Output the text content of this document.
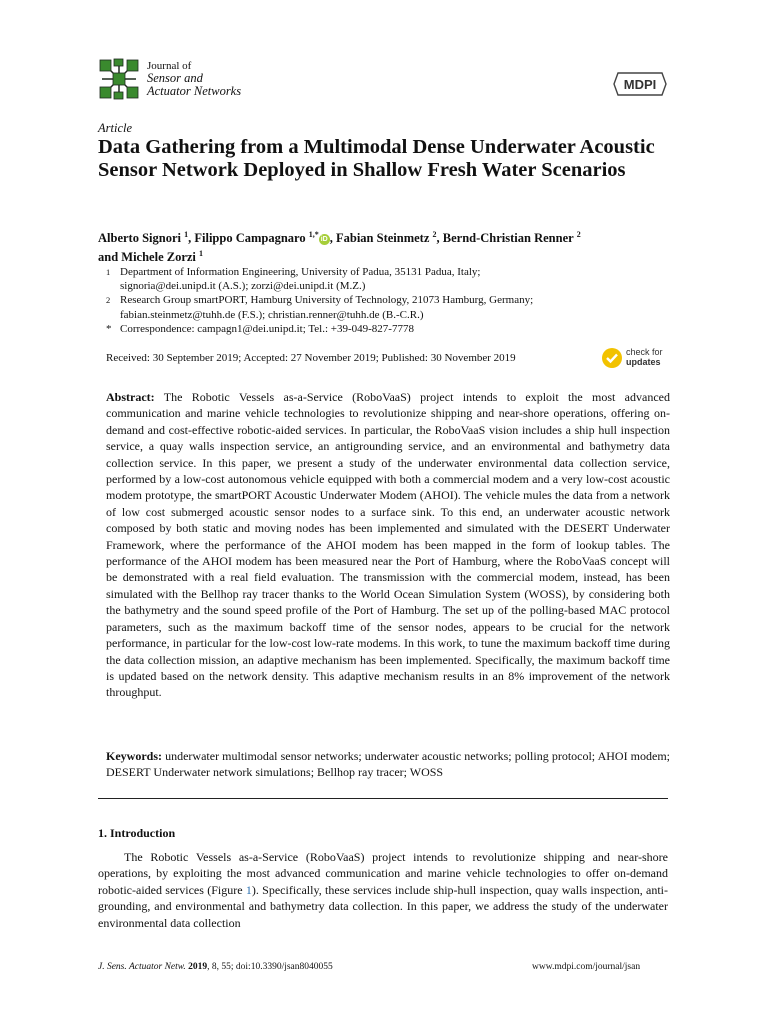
Journal of
Sensor and
Actuator Networks	MDPI
Article
Data Gathering from a Multimodal Dense Underwater Acoustic Sensor Network Deployed in Shallow Fresh Water Scenarios
Alberto Signori $^1$, Filippo Campagnaro $^{1,*}$iD , Fabian Steinmetz $^2$, Bernd-Christian Renner $^2$
and Michele Zorzi $^1$
1 Department of Information Engineering, University of Padua, 35131 Padua, Italy;
signoria@dei.unipd.it (A.S.); zorzi@dei.unipd.it (M.Z.)
2 Research Group smartPORT, Hamburg University of Technology, 21073 Hamburg, Germany;
fabian.steinmetz@tuhh.de (F.S.); christian.renner@tuhh.de (B.-C.R.)
* Correspondence: campagn1@dei.unipd.it; Tel.: +39-049-827-7778
Received: 30 September 2019; Accepted: 27 November 2019; Published: 30 November 2019	check for
updates
Abstract: The Robotic Vessels as-a-Service (RoboVaaS) project intends to exploit the most advanced communication and marine vehicle technologies to revolutionize shipping and near-shore operations, offering on-demand and cost-effective robotic-aided services. In particular, the RoboVaaS vision includes a ship hull inspection service, a quay walls inspection service, an antigrounding service, and an environmental and bathymetry data collection service. In this paper, we present a study of the underwater environmental data collection service, performed by a low-cost autonomous vehicle equipped with both a commercial modem and a very low-cost acoustic modem prototype, the smartPORT Acoustic Underwater Modem (AHOI). The vehicle mules the data from a network of low cost submerged acoustic sensor nodes to a surface sink. To this end, an underwater acoustic network composed by both static and moving nodes has been implemented and simulated with the DESERT Underwater Framework, where the performance of the AHOI modem has been mapped in the form of lookup tables. The performance of the AHOI modem has been measured near the Port of Hamburg, where the RoboVaaS concept will be demonstrated with a real field evaluation. The transmission with the commercial modem, instead, has been simulated with the Bellhop ray tracer thanks to the World Ocean Simulation System (WOSS), by considering both the bathymetry and the sound speed profile of the Port of Hamburg. The set up of the polling-based MAC protocol parameters, such as the maximum backoff time of the sensor nodes, appears to be crucial for the network performance, in particular for the low-cost low-rate modems. In this work, to tune the maximum backoff time during the data collection mission, an adaptive mechanism has been implemented. Specifically, the maximum backoff time is updated based on the network density. This adaptive mechanism results in an 8% improvement of the network throughput.
Keywords: underwater multimodal sensor networks; underwater acoustic networks; polling protocol; AHOI modem; DESERT Underwater network simulations; Bellhop ray tracer; WOSS
1. Introduction
The Robotic Vessels as-a-Service (RoboVaaS) project intends to revolutionize shipping and near-shore operations, by exploiting the most advanced communication and marine vehicle technologies to offer on-demand robotic-aided services (Figure 1). Specifically, these services include ship-hull inspection, quay walls inspection, anti-grounding, and environmental and bathymetry data collection. In this paper, we address the study of the underwater environmental data collection
J. Sens. Actuator Netw. 2019, 8, 55; doi:10.3390/jsan8040055	www.mdpi.com/journal/jsan
